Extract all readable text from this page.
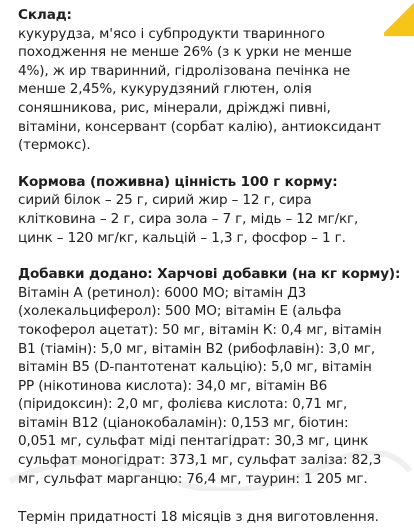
Склад:

кукурудза, м'ясо і субпродукти тваринного
походження не менше 26% (з к урки не менше
4%), ж ир тваринний, гідролізована печінка не
менше 2,45%, кукурудзяний глютен, олія
соняшникова, рис, мінерали, дріжджі пивні,
вітаміни, консервант (сорбат калію), антиоксидант
(термокс).

Кормова (поживна) цінність 100 г корму:

сирий білок – 25 г, сирий жир – 12 г, сира
клітковина – 2 г, сира зола – 7 г, мідь – 12 мг/кг,
цинк – 120 мг/кг, кальцій – 1,3 г, фосфор – 1 г.

Добавки додано: Харчові добавки (на кг корму):

Вітамін А (ретинол): 6000 МО; вітамін Д3
(холекальциферол): 500 МО; вітамін Е (альфа
токоферол ацетат): 50 мг, вітамін К: 0,4 мг, вітамін
В1 (тіамін): 5,0 мг, вітамін В2 (рибофлавін): 3,0 мг,
вітамін В5 (D-пантотенат кальцію): 5,0 мг, вітамін
РР (нікотинова кислота): 34,0 мг, вітамін В6
(піридоксин): 2,0 мг, фолієва кислота: 0,71 мг,
вітамін В12 (ціанокобаламін): 0,153 мг, біотин:
0,051 мг, сульфат міді пентагідрат: 30,3 мг, цинк
сульфат моногідрат: 373,1 мг, сульфат заліза: 82,3
мг, сульфат марганцю: 76,4 мг, таурин: 1 205 мг.

Термін придатності 18 місяців з дня виготовлення.
